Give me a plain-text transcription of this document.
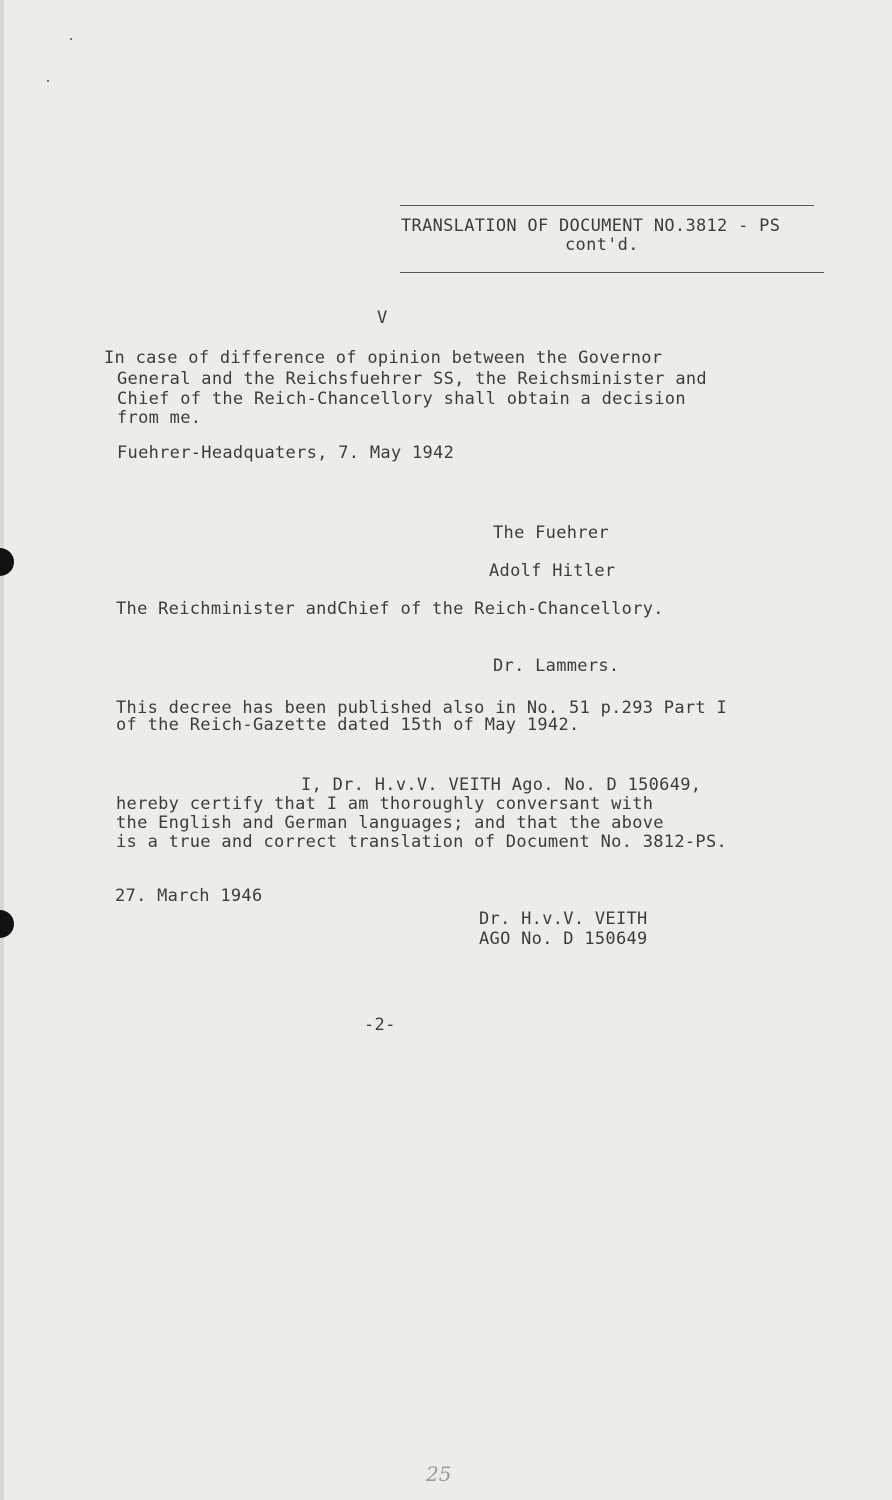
TRANSLATION OF DOCUMENT NO.3812 - PS
cont'd.
V
In case of difference of opinion between the Governor
General and the Reichsfuehrer SS, the Reichsminister and
Chief of the Reich-Chancellory shall obtain a decision
from me.
Fuehrer-Headquaters, 7. May 1942
The Fuehrer
Adolf Hitler
The Reichminister andChief of the Reich-Chancellory.
Dr. Lammers.
This decree has been published also in No. 51 p.293 Part I
of the Reich-Gazette dated 15th of May 1942.
I, Dr. H.v.V. VEITH Ago. No. D 150649,
hereby certify that I am thoroughly conversant with
the English and German languages; and that the above
is a true and correct translation of Document No. 3812-PS.
27. March 1946
Dr. H.v.V. VEITH
AGO No. D 150649
-2-
25
